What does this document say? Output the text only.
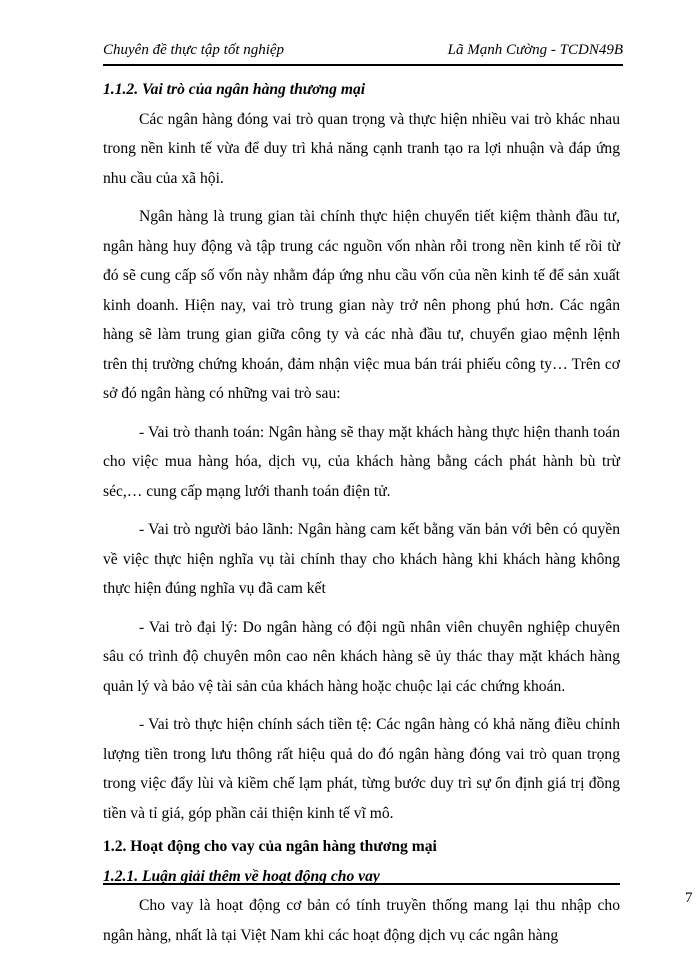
Chuyên đề thực tập tốt nghiệp	Lã Mạnh Cường - TCDN49B
1.1.2. Vai trò của ngân hàng thương mại

Các ngân hàng đóng vai trò quan trọng và thực hiện nhiều vai trò khác nhau trong nền kinh tế vừa để duy trì khả năng cạnh tranh tạo ra lợi nhuận và đáp ứng nhu cầu của xã hội.

Ngân hàng là trung gian tài chính thực hiện chuyển tiết kiệm thành đầu tư, ngân hàng huy động và tập trung các nguồn vốn nhàn rỗi trong nền kinh tế rồi từ đó sẽ cung cấp số vốn này nhằm đáp ứng nhu cầu vốn của nền kinh tế để sản xuất kinh doanh. Hiện nay, vai trò trung gian này trở nên phong phú hơn. Các ngân hàng sẽ làm trung gian giữa công ty và các nhà đầu tư, chuyển giao mệnh lệnh trên thị trường chứng khoán, đảm nhận việc mua bán trái phiếu công ty… Trên cơ sở đó ngân hàng có những vai trò sau:

- Vai trò thanh toán: Ngân hàng sẽ thay mặt khách hàng thực hiện thanh toán cho việc mua hàng hóa, dịch vụ, của khách hàng bằng cách phát hành bù trừ séc,… cung cấp mạng lưới thanh toán điện tử.

- Vai trò người bảo lãnh: Ngân hàng cam kết bằng văn bản với bên có quyền về việc thực hiện nghĩa vụ tài chính thay cho khách hàng khi khách hàng không thực hiện đúng nghĩa vụ đã cam kết

- Vai trò đại lý: Do ngân hàng có đội ngũ nhân viên chuyên nghiệp chuyên sâu có trình độ chuyên môn cao nên khách hàng sẽ ủy thác thay mặt khách hàng quản lý và bảo vệ tài sản của khách hàng hoặc chuộc lại các chứng khoán.

- Vai trò thực hiện chính sách tiền tệ: Các ngân hàng có khả năng điều chỉnh lượng tiền trong lưu thông rất hiệu quả do đó ngân hàng đóng vai trò quan trọng trong việc đẩy lùi và kiềm chế lạm phát, từng bước duy trì sự ổn định giá trị đồng tiền và tỉ giá, góp phần cải thiện kinh tế vĩ mô.

1.2. Hoạt động cho vay của ngân hàng thương mại
1.2.1. Luận giải thêm về hoạt động cho vay

Cho vay là hoạt động cơ bản có tính truyền thống mang lại thu nhập cho ngân hàng, nhất là tại Việt Nam khi các hoạt động dịch vụ các ngân hàng

7
